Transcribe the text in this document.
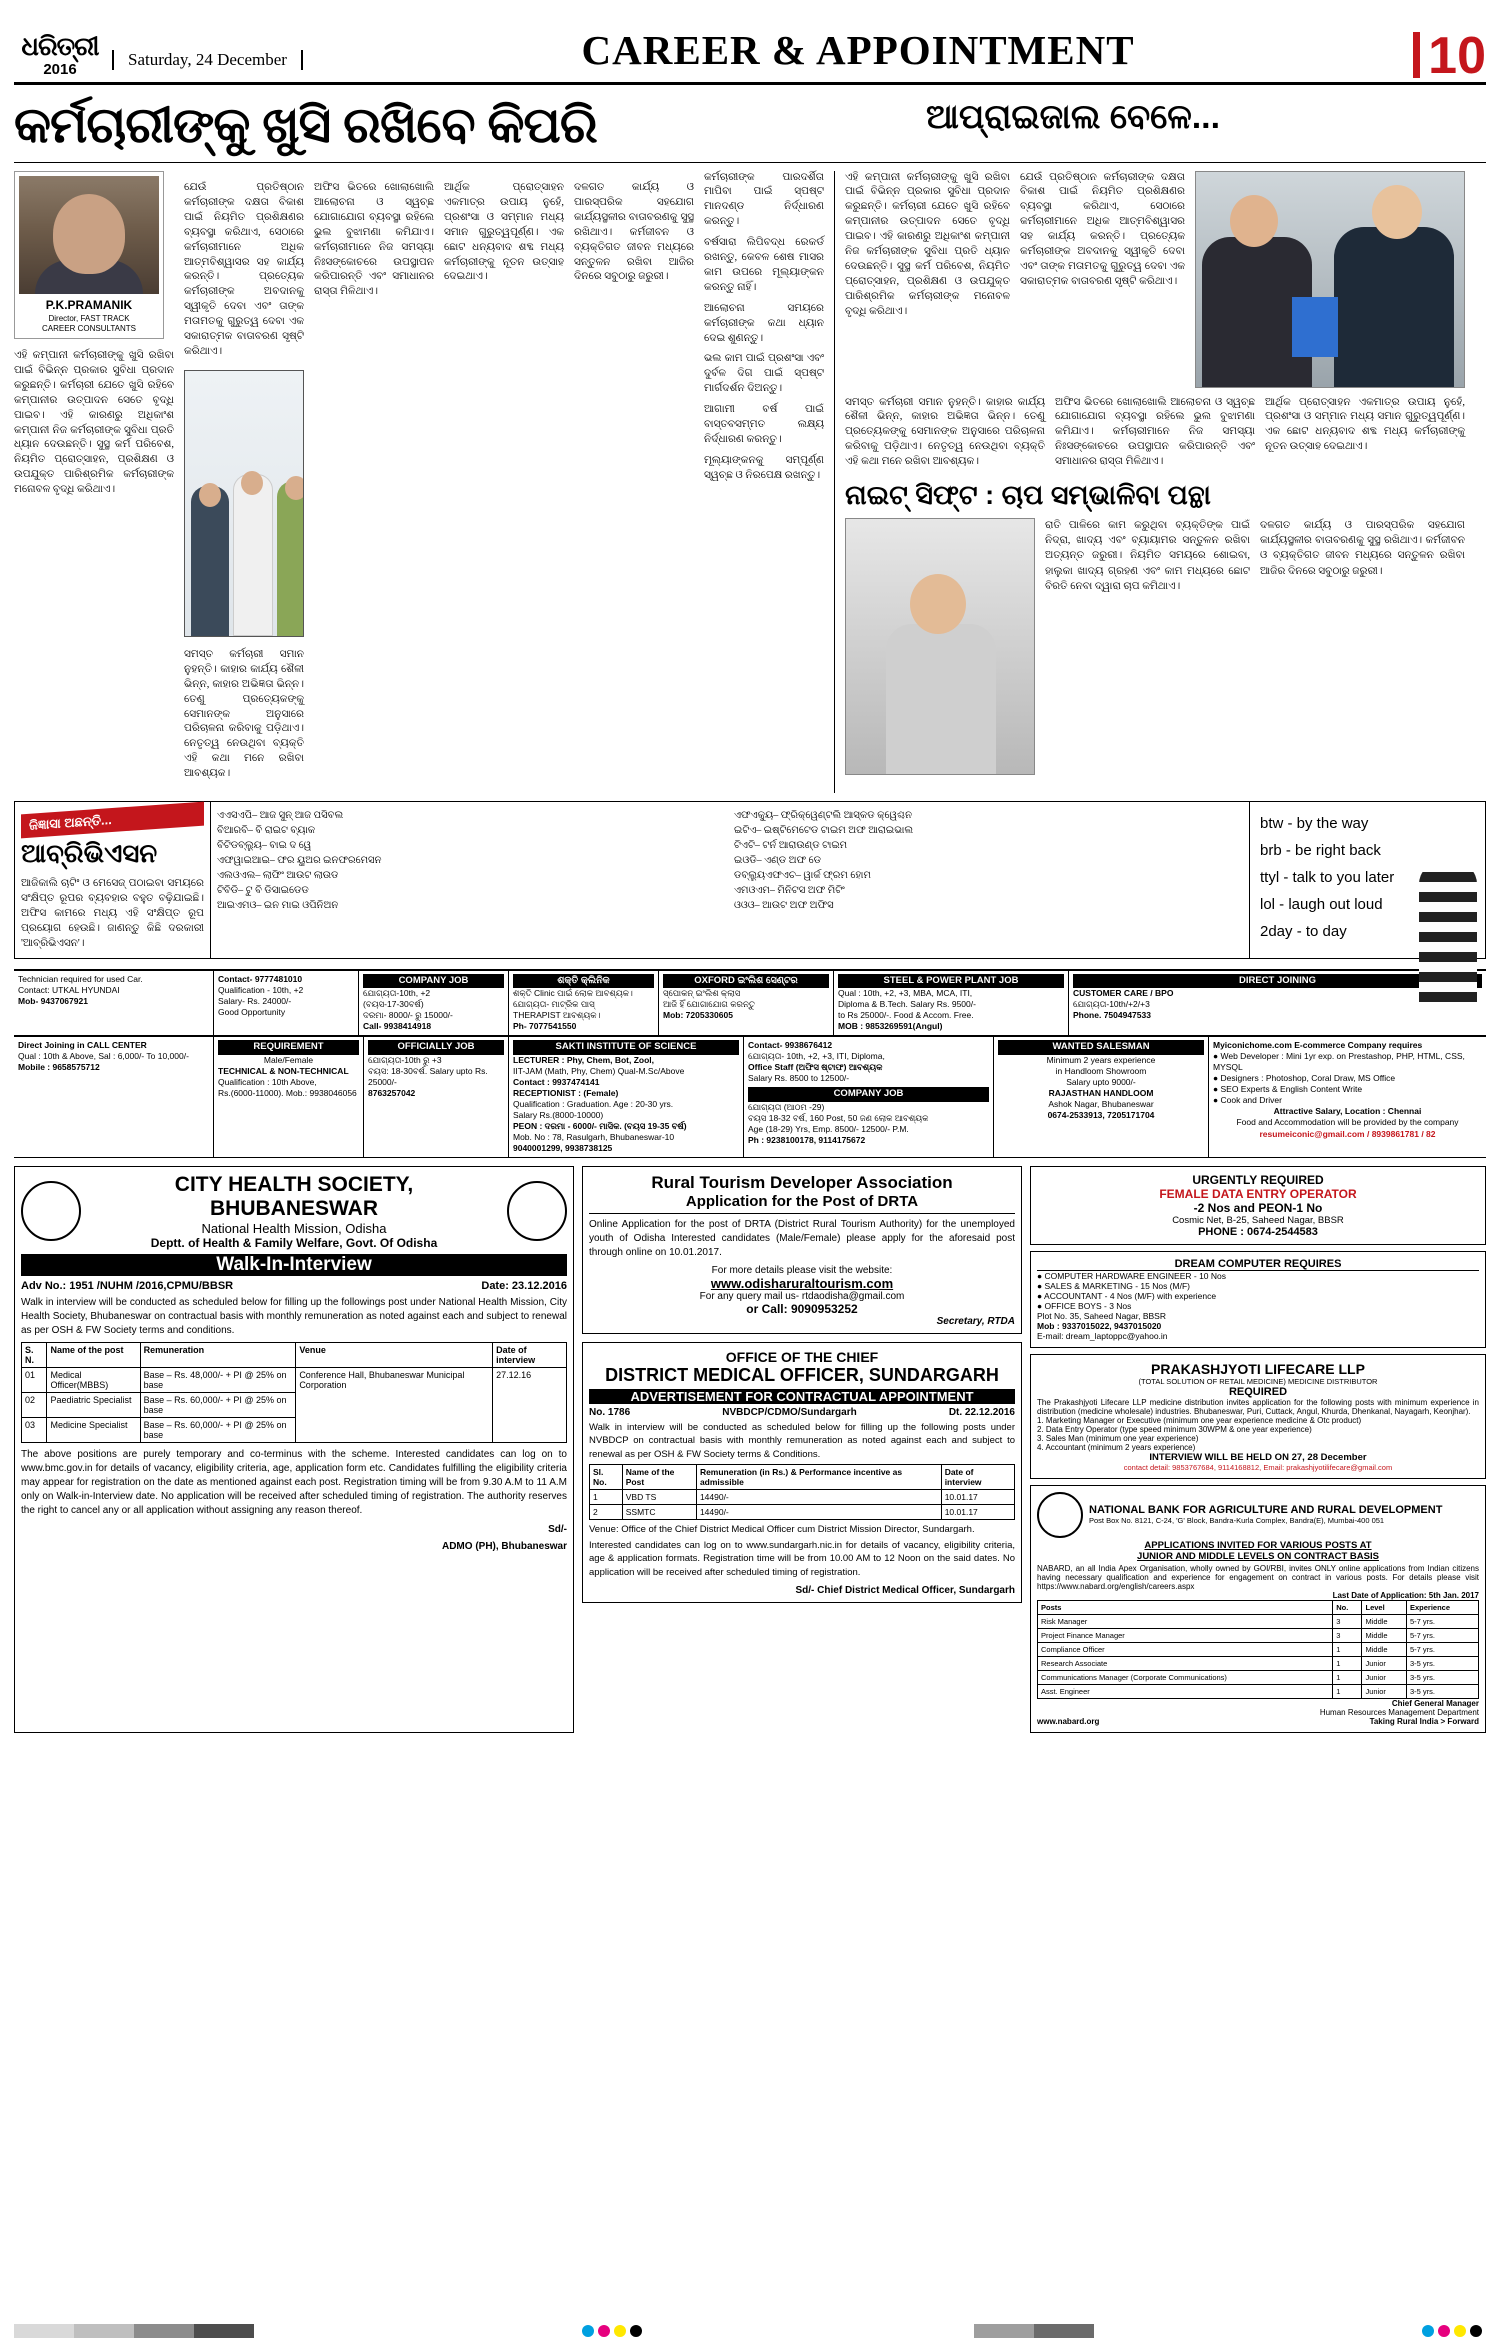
ଧରିତ୍ରୀ
2016
Saturday, 24 December	CAREER & APPOINTMENT	10
କର୍ମଚାରୀଙ୍କୁ ଖୁସି ରଖିବେ କିପରି	ଆପ୍ରାଇଜାଲ ବେଳେ...
P.K.PRAMANIK
Director, FAST TRACK
CAREER CONSULTANTS

ଏହି କମ୍ପାନୀ କର୍ମଚାରୀଙ୍କୁ ଖୁସି ରଖିବା ପାଇଁ ବିଭିନ୍ନ ପ୍ରକାର ସୁବିଧା ପ୍ରଦାନ କରୁଛନ୍ତି। କର୍ମଚାରୀ ଯେତେ ଖୁସି ରହିବେ କମ୍ପାନୀର ଉତ୍ପାଦନ ସେତେ ବୃଦ୍ଧି ପାଇବ। ଏହି କାରଣରୁ ଅଧିକାଂଶ କମ୍ପାନୀ ନିଜ କର୍ମଚାରୀଙ୍କ ସୁବିଧା ପ୍ରତି ଧ୍ୟାନ ଦେଉଛନ୍ତି। ସୁସ୍ଥ କର୍ମ ପରିବେଶ, ନିୟମିତ ପ୍ରୋତ୍ସାହନ, ପ୍ରଶିକ୍ଷଣ ଓ ଉପଯୁକ୍ତ ପାରିଶ୍ରମିକ କର୍ମଚାରୀଙ୍କ ମନୋବଳ ବୃଦ୍ଧି କରିଥାଏ।

ଯେଉଁ ପ୍ରତିଷ୍ଠାନ କର୍ମଚାରୀଙ୍କ ଦକ୍ଷତା ବିକାଶ ପାଇଁ ନିୟମିତ ପ୍ରଶିକ୍ଷଣର ବ୍ୟବସ୍ଥା କରିଥାଏ, ସେଠାରେ କର୍ମଚାରୀମାନେ ଅଧିକ ଆତ୍ମବିଶ୍ୱାସର ସହ କାର୍ଯ୍ୟ କରନ୍ତି। ପ୍ରତ୍ୟେକ କର୍ମଚାରୀଙ୍କ ଅବଦାନକୁ ସ୍ୱୀକୃତି ଦେବା ଏବଂ ତାଙ୍କ ମତାମତକୁ ଗୁରୁତ୍ୱ ଦେବା ଏକ ସକାରାତ୍ମକ ବାତାବରଣ ସୃଷ୍ଟି କରିଥାଏ।

ସମସ୍ତ କର୍ମଚାରୀ ସମାନ ନୁହନ୍ତି। କାହାର କାର୍ଯ୍ୟ ଶୈଳୀ ଭିନ୍ନ, କାହାର ଅଭିଜ୍ଞତା ଭିନ୍ନ। ତେଣୁ ପ୍ରତ୍ୟେକଙ୍କୁ ସେମାନଙ୍କ ଅନୁସାରେ ପରିଚାଳନା କରିବାକୁ ପଡ଼ିଥାଏ। ନେତୃତ୍ୱ ନେଉଥିବା ବ୍ୟକ୍ତି ଏହି କଥା ମନେ ରଖିବା ଆବଶ୍ୟକ।

ଅଫିସ ଭିତରେ ଖୋଲାଖୋଲି ଆଲୋଚନା ଓ ସ୍ୱଚ୍ଛ ଯୋଗାଯୋଗ ବ୍ୟବସ୍ଥା ରହିଲେ ଭୁଲ ବୁଝାମଣା କମିଯାଏ। କର୍ମଚାରୀମାନେ ନିଜ ସମସ୍ୟା ନିଃସଙ୍କୋଚରେ ଉପସ୍ଥାପନ କରିପାରନ୍ତି ଏବଂ ସମାଧାନର ରାସ୍ତା ମିଳିଥାଏ।

ଆର୍ଥିକ ପ୍ରୋତ୍ସାହନ ଏକମାତ୍ର ଉପାୟ ନୁହେଁ, ପ୍ରଶଂସା ଓ ସମ୍ମାନ ମଧ୍ୟ ସମାନ ଗୁରୁତ୍ୱପୂର୍ଣ୍ଣ। ଏକ ଛୋଟ ଧନ୍ୟବାଦ ଶବ୍ଦ ମଧ୍ୟ କର୍ମଚାରୀଙ୍କୁ ନୂତନ ଉତ୍ସାହ ଦେଇଥାଏ।

ଦଳଗତ କାର୍ଯ୍ୟ ଓ ପାରସ୍ପରିକ ସହଯୋଗ କାର୍ଯ୍ୟସ୍ଥଳୀର ବାତାବରଣକୁ ସୁସ୍ଥ ରଖିଥାଏ। କର୍ମଜୀବନ ଓ ବ୍ୟକ୍ତିଗତ ଜୀବନ ମଧ୍ୟରେ ସନ୍ତୁଳନ ରଖିବା ଆଜିର ଦିନରେ ସବୁଠାରୁ ଜରୁରୀ।

କର୍ମଚାରୀଙ୍କ ପାରଦର୍ଶିତା ମାପିବା ପାଇଁ ସ୍ପଷ୍ଟ ମାନଦଣ୍ଡ ନିର୍ଦ୍ଧାରଣ କରନ୍ତୁ।
ବର୍ଷସାରା ଲିପିବଦ୍ଧ ରେକର୍ଡ ରଖନ୍ତୁ, କେବଳ ଶେଷ ମାସର କାମ ଉପରେ ମୂଲ୍ୟାଙ୍କନ କରନ୍ତୁ ନାହିଁ।
ଆଲୋଚନା ସମୟରେ କର୍ମଚାରୀଙ୍କ କଥା ଧ୍ୟାନ ଦେଇ ଶୁଣନ୍ତୁ।
ଭଲ କାମ ପାଇଁ ପ୍ରଶଂସା ଏବଂ ଦୁର୍ବଳ ଦିଗ ପାଇଁ ସ୍ପଷ୍ଟ ମାର୍ଗଦର୍ଶନ ଦିଅନ୍ତୁ।
ଆଗାମୀ ବର୍ଷ ପାଇଁ ବାସ୍ତବସମ୍ମତ ଲକ୍ଷ୍ୟ ନିର୍ଦ୍ଧାରଣ କରନ୍ତୁ।
ମୂଲ୍ୟାଙ୍କନକୁ ସମ୍ପୂର୍ଣ୍ଣ ସ୍ୱଚ୍ଛ ଓ ନିରପେକ୍ଷ ରଖନ୍ତୁ।
ଏହି କମ୍ପାନୀ କର୍ମଚାରୀଙ୍କୁ ଖୁସି ରଖିବା ପାଇଁ ବିଭିନ୍ନ ପ୍ରକାର ସୁବିଧା ପ୍ରଦାନ କରୁଛନ୍ତି। କର୍ମଚାରୀ ଯେତେ ଖୁସି ରହିବେ କମ୍ପାନୀର ଉତ୍ପାଦନ ସେତେ ବୃଦ୍ଧି ପାଇବ। ଏହି କାରଣରୁ ଅଧିକାଂଶ କମ୍ପାନୀ ନିଜ କର୍ମଚାରୀଙ୍କ ସୁବିଧା ପ୍ରତି ଧ୍ୟାନ ଦେଉଛନ୍ତି। ସୁସ୍ଥ କର୍ମ ପରିବେଶ, ନିୟମିତ ପ୍ରୋତ୍ସାହନ, ପ୍ରଶିକ୍ଷଣ ଓ ଉପଯୁକ୍ତ ପାରିଶ୍ରମିକ କର୍ମଚାରୀଙ୍କ ମନୋବଳ ବୃଦ୍ଧି କରିଥାଏ।
ଯେଉଁ ପ୍ରତିଷ୍ଠାନ କର୍ମଚାରୀଙ୍କ ଦକ୍ଷତା ବିକାଶ ପାଇଁ ନିୟମିତ ପ୍ରଶିକ୍ଷଣର ବ୍ୟବସ୍ଥା କରିଥାଏ, ସେଠାରେ କର୍ମଚାରୀମାନେ ଅଧିକ ଆତ୍ମବିଶ୍ୱାସର ସହ କାର୍ଯ୍ୟ କରନ୍ତି। ପ୍ରତ୍ୟେକ କର୍ମଚାରୀଙ୍କ ଅବଦାନକୁ ସ୍ୱୀକୃତି ଦେବା ଏବଂ ତାଙ୍କ ମତାମତକୁ ଗୁରୁତ୍ୱ ଦେବା ଏକ ସକାରାତ୍ମକ ବାତାବରଣ ସୃଷ୍ଟି କରିଥାଏ।
ସମସ୍ତ କର୍ମଚାରୀ ସମାନ ନୁହନ୍ତି। କାହାର କାର୍ଯ୍ୟ ଶୈଳୀ ଭିନ୍ନ, କାହାର ଅଭିଜ୍ଞତା ଭିନ୍ନ। ତେଣୁ ପ୍ରତ୍ୟେକଙ୍କୁ ସେମାନଙ୍କ ଅନୁସାରେ ପରିଚାଳନା କରିବାକୁ ପଡ଼ିଥାଏ। ନେତୃତ୍ୱ ନେଉଥିବା ବ୍ୟକ୍ତି ଏହି କଥା ମନେ ରଖିବା ଆବଶ୍ୟକ।
ଅଫିସ ଭିତରେ ଖୋଲାଖୋଲି ଆଲୋଚନା ଓ ସ୍ୱଚ୍ଛ ଯୋଗାଯୋଗ ବ୍ୟବସ୍ଥା ରହିଲେ ଭୁଲ ବୁଝାମଣା କମିଯାଏ। କର୍ମଚାରୀମାନେ ନିଜ ସମସ୍ୟା ନିଃସଙ୍କୋଚରେ ଉପସ୍ଥାପନ କରିପାରନ୍ତି ଏବଂ ସମାଧାନର ରାସ୍ତା ମିଳିଥାଏ।
ଆର୍ଥିକ ପ୍ରୋତ୍ସାହନ ଏକମାତ୍ର ଉପାୟ ନୁହେଁ, ପ୍ରଶଂସା ଓ ସମ୍ମାନ ମଧ୍ୟ ସମାନ ଗୁରୁତ୍ୱପୂର୍ଣ୍ଣ। ଏକ ଛୋଟ ଧନ୍ୟବାଦ ଶବ୍ଦ ମଧ୍ୟ କର୍ମଚାରୀଙ୍କୁ ନୂତନ ଉତ୍ସାହ ଦେଇଥାଏ।
ନାଇଟ୍ ସିଫ୍ଟ : ଚାପ ସମ୍ଭାଳିବା ପନ୍ଥା
ରାତି ପାଳିରେ କାମ କରୁଥିବା ବ୍ୟକ୍ତିଙ୍କ ପାଇଁ ନିଦ୍ରା, ଖାଦ୍ୟ ଏବଂ ବ୍ୟାୟାମର ସନ୍ତୁଳନ ରଖିବା ଅତ୍ୟନ୍ତ ଜରୁରୀ। ନିୟମିତ ସମୟରେ ଶୋଇବା, ହାଲୁକା ଖାଦ୍ୟ ଗ୍ରହଣ ଏବଂ କାମ ମଧ୍ୟରେ ଛୋଟ ବିରତି ନେବା ଦ୍ୱାରା ଚାପ କମିଥାଏ।
ଦଳଗତ କାର୍ଯ୍ୟ ଓ ପାରସ୍ପରିକ ସହଯୋଗ କାର୍ଯ୍ୟସ୍ଥଳୀର ବାତାବରଣକୁ ସୁସ୍ଥ ରଖିଥାଏ। କର୍ମଜୀବନ ଓ ବ୍ୟକ୍ତିଗତ ଜୀବନ ମଧ୍ୟରେ ସନ୍ତୁଳନ ରଖିବା ଆଜିର ଦିନରେ ସବୁଠାରୁ ଜରୁରୀ।
ଜିଜ୍ଞାସା ଅଛନ୍ତି...
ଆବ୍ରିଭିଏସନ
ଆଜିକାଲି ଚାଟିଂ ଓ ମେସେଜ୍ ପଠାଇବା ସମୟରେ ସଂକ୍ଷିପ୍ତ ରୂପର ବ୍ୟବହାର ବହୁତ ବଢ଼ିଯାଇଛି। ଅଫିସ କାମରେ ମଧ୍ୟ ଏହି ସଂକ୍ଷିପ୍ତ ରୂପ ପ୍ରୟୋଗ ହେଉଛି। ଜାଣନ୍ତୁ କିଛି ଦରକାରୀ 'ଆବ୍ରିଭିଏସନ'।
ଏଏସଏପି– ଆଜ ସୁନ୍ ଆଜ ପସିବଲ
ବିଆରବି– ବି ରାଇଟ ବ୍ୟାକ
ବିଟିଡବ୍ଲ୍ୟୁ– ବାଇ ଦ ୱେ
ଏଫୱାଇଆଇ– ଫର ୟୁଅର ଇନଫରମେସନ
ଏଲଓଏଲ– ଲାଫିଂ ଆଉଟ ଲାଉଡ
ଟିବିଡି– ଟୁ ବି ଡିସାଇଡେଡ
ଆଇଏମଓ– ଇନ ମାଇ ଓପିନିଅନ
ଏଫଏକ୍ୟୁ– ଫ୍ରିକ୍ୱେଣ୍ଟଲି ଆସ୍କଡ କ୍ୱେଶ୍ଚନ
ଇଟିଏ– ଇଷ୍ଟିମେଟେଡ ଟାଇମ ଅଫ ଆରାଇଭାଲ
ଟିଏଟି– ଟର୍ନ ଆରାଉଣ୍ଡ ଟାଇମ
ଇଓଡି– ଏଣ୍ଡ ଅଫ ଡେ
ଡବ୍ଲ୍ୟୁଏଫଏଚ– ୱାର୍କ ଫ୍ରମ ହୋମ
ଏମଓଏମ– ମିନିଟସ ଅଫ ମିଟିଂ
ଓଓଓ– ଆଉଟ ଅଫ ଅଫିସ
btw - by the way
brb - be right back
ttyl - talk to you later
lol - laugh out loud
2day - to day
Technician required for used Car.
Contact: UTKAL HYUNDAI
Mob- 9437067921
Contact- 9777481010
Qualification - 10th, +2
Salary- Rs. 24000/-
Good Opportunity
COMPANY JOB
ଯୋଗ୍ୟତା-10th, +2
(ବୟସ-17-30ବର୍ଷ)
ଦରମା- 8000/- ରୁ 15000/-
Call- 9938414918
ଶକ୍ତି କ୍ଲିନିକ
ଶକ୍ତି Clinic ପାଇଁ ଲୋକ ଆବଶ୍ୟକ।
ଯୋଗ୍ୟତା- ମାଟ୍ରିକ ପାସ୍
THERAPIST ଆବଶ୍ୟକ।
Ph- 7077541550
OXFORD ଇଂଲିଶ ସେଣ୍ଟର
ସ୍ପୋକନ୍ ଇଂଲିଶ କ୍ଲାସ
ଆଜି ହିଁ ଯୋଗାଯୋଗ କରନ୍ତୁ
Mob: 7205330605
STEEL & POWER PLANT JOB
Qual : 10th, +2, +3, MBA, MCA, ITI,
Diploma & B.Tech. Salary Rs. 9500/-
to Rs 25000/-. Food & Accom. Free.
MOB : 9853269591(Angul)
DIRECT JOINING
CUSTOMER CARE / BPO
ଯୋଗ୍ୟତା-10th/+2/+3
Phone. 7504947533
Direct Joining in CALL CENTER
Qual : 10th & Above, Sal : 6,000/- To 10,000/-
Mobile : 9658575712
REQUIREMENT
Male/Female
TECHNICAL & NON-TECHNICAL
Qualification : 10th Above,
Rs.(6000-11000). Mob.: 9938046056
OFFICIALLY JOB
ଯୋଗ୍ୟତା-10th ରୁ +3
ବୟସ: 18-30ବର୍ଷ. Salary upto Rs. 25000/-
8763257042
SAKTI INSTITUTE OF SCIENCE
LECTURER : Phy, Chem, Bot, Zool,
IIT-JAM (Math, Phy, Chem) Qual-M.Sc/Above
Contact : 9937474141
RECEPTIONIST : (Female)
Qualification : Graduation. Age : 20-30 yrs.
Salary Rs.(8000-10000)
PEON : ଦରମା - 6000/- ମାସିକ. (ବୟସ 19-35 ବର୍ଷ)
Mob. No : 78, Rasulgarh, Bhubaneswar-10
9040001299, 9938738125
Contact- 9938676412
ଯୋଗ୍ୟତା- 10th, +2, +3, ITI, Diploma,
Office Staff (ଅଫିସ ଷ୍ଟାଫ) ଆବଶ୍ୟକ
Salary Rs. 8500 to 12500/-
COMPANY JOB
ଯୋଗ୍ୟତା (ଆଠମ -29)
ବୟସ 18-32 ବର୍ଷ, 160 Post, 50 ଜଣ ଲୋକ ଆବଶ୍ୟକ
Age (18-29) Yrs, Emp. 8500/- 12500/- P.M.
Ph : 9238100178, 9114175672
WANTED SALESMAN
Minimum 2 years experience
in Handloom Showroom
Salary upto 9000/-
RAJASTHAN HANDLOOM
Ashok Nagar, Bhubaneswar
0674-2533913, 7205171704
Myiconichome.com E-commerce Company requires
● Web Developer : Mini 1yr exp. on Prestashop, PHP, HTML, CSS, MYSQL
● Designers : Photoshop, Coral Draw, MS Office
● SEO Experts & English Content Write
● Cook and Driver
Attractive Salary, Location : Chennai
Food and Accommodation will be provided by the company
resumeiconic@gmail.com / 8939861781 / 82
CITY HEALTH SOCIETY, BHUBANESWAR
National Health Mission, Odisha
Deptt. of Health & Family Welfare, Govt. Of Odisha
Walk-In-Interview
Adv No.: 1951 /NUHM /2016,CPMU/BBSR	Date: 23.12.2016
Walk in interview will be conducted as scheduled below for filling up the followings post under National Health Mission, City Health Society, Bhubaneswar on contractual basis with monthly remuneration as noted against each and subject to renewal as per OSH & FW Society terms and conditions.
S. N.	Name of the post	Remuneration	Venue	Date of interview
01	Medical Officer(MBBS)	Base – Rs. 48,000/- + PI @ 25% on base	Conference Hall, Bhubaneswar Municipal Corporation	27.12.16
02	Paediatric Specialist	Base – Rs. 60,000/- + PI @ 25% on base		
03	Medicine Specialist	Base – Rs. 60,000/- + PI @ 25% on base		
The above positions are purely temporary and co-terminus with the scheme. Interested candidates can log on to www.bmc.gov.in for details of vacancy, eligibility criteria, age, application form etc. Candidates fulfilling the eligibility criteria may appear for registration on the date as mentioned against each post. Registration timing will be from 9.30 A.M to 11 A.M only on Walk-in-Interview date. No application will be received after scheduled timing of registration. The authority reserves the right to cancel any or all application without assigning any reason thereof.
Sd/-
ADMO (PH), Bhubaneswar
Rural Tourism Developer Association
Application for the Post of DRTA
Online Application for the post of DRTA (District Rural Tourism Authority) for the unemployed youth of Odisha Interested candidates (Male/Female) please apply for the aforesaid post through online on 10.01.2017.
For more details please visit the website:
www.odisharuraltourism.com
For any query mail us- rtdaodisha@gmail.com
or Call: 9090953252
Secretary, RTDA
OFFICE OF THE CHIEF
DISTRICT MEDICAL OFFICER, SUNDARGARH
ADVERTISEMENT FOR CONTRACTUAL APPOINTMENT
No. 1786	NVBDCP/CDMO/Sundargarh	Dt. 22.12.2016
Walk in interview will be conducted as scheduled below for filling up the following posts under NVBDCP on contractual basis with monthly remuneration as noted against each and subject to renewal as per OSH & FW Society terms & Conditions.
Sl. No.	Name of the Post	Remuneration (in Rs.) & Performance incentive as admissible	Date of interview
1	VBD TS	14490/-	10.01.17
2	SSMTC	14490/-	10.01.17
Venue: Office of the Chief District Medical Officer cum District Mission Director, Sundargarh.
Interested candidates can log on to www.sundargarh.nic.in for details of vacancy, eligibility criteria, age & application formats. Registration time will be from 10.00 AM to 12 Noon on the said dates. No application will be received after scheduled timing of registration.
Sd/- Chief District Medical Officer, Sundargarh
URGENTLY REQUIRED
FEMALE DATA ENTRY OPERATOR
-2 Nos and PEON-1 No
Cosmic Net, B-25, Saheed Nagar, BBSR
PHONE : 0674-2544583
DREAM COMPUTER REQUIRES
● COMPUTER HARDWARE ENGINEER - 10 Nos
● SALES & MARKETING - 15 Nos (M/F)
● ACCOUNTANT - 4 Nos (M/F) with experience
● OFFICE BOYS - 3 Nos
Plot No. 35, Saheed Nagar, BBSR
Mob : 9337015022, 9437015020
E-mail: dream_laptoppc@yahoo.in
PRAKASHJYOTI LIFECARE LLP
(TOTAL SOLUTION OF RETAIL MEDICINE) MEDICINE DISTRIBUTOR
REQUIRED
The Prakashjyoti Lifecare LLP medicine distribution invites application for the following posts with minimum experience in distribution (medicine wholesale) industries. Bhubaneswar, Puri, Cuttack, Angul, Khurda, Dhenkanal, Nayagarh, Keonjhar).
1. Marketing Manager or Executive (minimum one year experience medicine & Otc product)
2. Data Entry Operator (type speed minimum 30WPM & one year experience)
3. Sales Man (minimum one year experience)
4. Accountant (minimum 2 years experience)
INTERVIEW WILL BE HELD ON 27, 28 December
contact detail: 9853767684, 9114168812, Email: prakashjyotilifecare@gmail.com
NATIONAL BANK FOR AGRICULTURE AND RURAL DEVELOPMENT
Post Box No. 8121, C-24, 'G' Block, Bandra-Kurla Complex, Bandra(E), Mumbai-400 051
APPLICATIONS INVITED FOR VARIOUS POSTS AT
JUNIOR AND MIDDLE LEVELS ON CONTRACT BASIS
NABARD, an all India Apex Organisation, wholly owned by GOI/RBI, invites ONLY online applications from Indian citizens having necessary qualification and experience for engagement on contract in various posts. For details please visit https://www.nabard.org/english/careers.aspx
Last Date of Application: 5th Jan. 2017
Posts	No.	Level	Experience
Risk Manager	3	Middle	5-7 yrs.
Project Finance Manager	3	Middle	5-7 yrs.
Compliance Officer	1	Middle	5-7 yrs.
Research Associate	1	Junior	3-5 yrs.
Communications Manager (Corporate Communications)	1	Junior	3-5 yrs.
Asst. Engineer	1	Junior	3-5 yrs.
Chief General Manager
Human Resources Management Department
www.nabard.org	Taking Rural India > Forward
